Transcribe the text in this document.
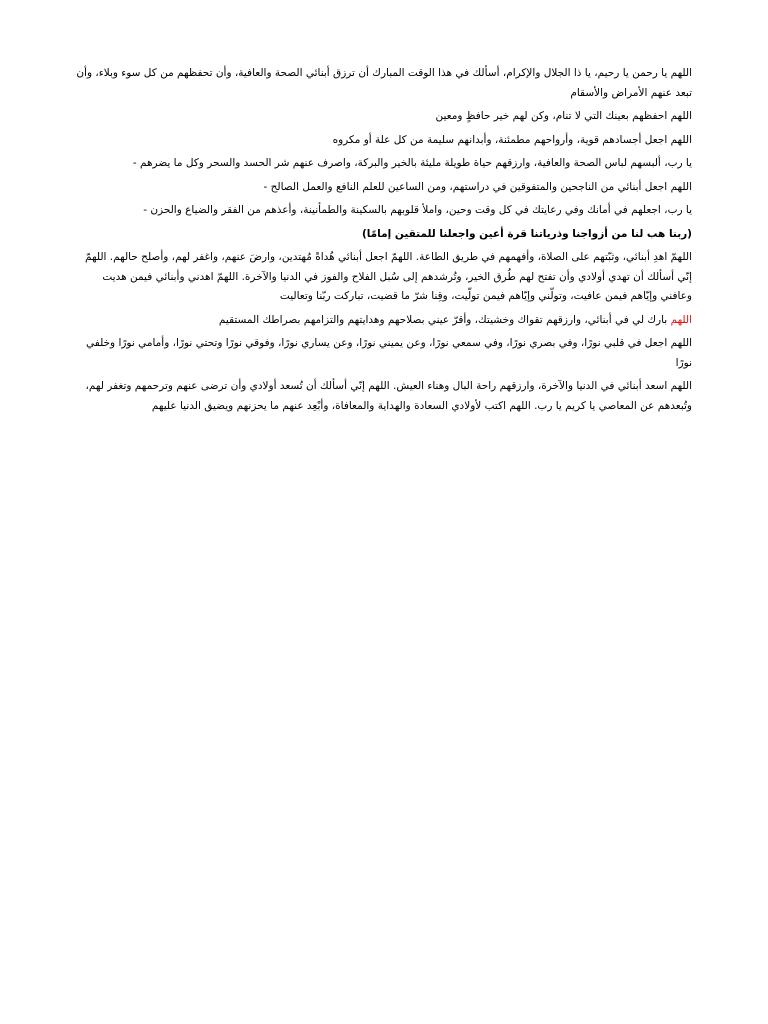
اللهم يا رحمن يا رحيم، يا ذا الجلال والإكرام، أسألك في هذا الوقت المبارك أن ترزق أبنائي الصحة والعافية، وأن تحفظهم من كل سوء وبلاء، وأن تبعد عنهم الأمراض والأسقام

اللهم احفظهم بعينك التي لا تنام، وكن لهم خير حافظٍ ومعين

اللهم اجعل أجسادهم قوية، وأرواحهم مطمئنة، وأبدانهم سليمة من كل علة أو مكروه

يا رب، ألبسهم لباس الصحة والعافية، وارزقهم حياة طويلة مليئة بالخير والبركة، واصرف عنهم شر الحسد والسحر وكل ما يضرهم -

اللهم اجعل أبنائي من الناجحين والمتفوقين في دراستهم، ومن الساعين للعلم النافع والعمل الصالح -

يا رب، اجعلهم في أمانك وفي رعايتك في كل وقت وحين، واملأ قلوبهم بالسكينة والطمأنينة، وأعذهم من الفقر والضياع والحزن -

(ربنا هب لنا من أزواجنا وذرياتنا قرة أعين واجعلنا للمتقين إمامًا)

اللهمّ اهدِ أبنائي، وثبّتهم على الصلاة، وأفهمهم في طريق الطاعة. اللهمّ اجعل أبنائي هُداةً مُهتدين، وارضَ عنهم، واغفر لهم، وأصلح حالهم. اللهمّ إنّي أسألك أن تهدي أولادي وأن تفتح لهم طُرق الخير، وتُرشدهم إلى سُبل الفلاح والفوز في الدنيا والآخرة. اللهمّ اهدني وأبنائي فيمن هديت وعافني وإيّاهم فيمن عافيت، وتولّني وإيّاهم فيمن تولّيت، وقِنا شرّ ما قضيت، تباركت ربّنا وتعاليت

اللهم بارك لي في أبنائي، وارزقهم تقواك وخشيتك، وأقرّ عيني بصلاحهم وهدايتهم والتزامهم بصراطك المستقيم

اللهم اجعل في قلبي نورًا، وفي بصري نورًا، وفي سمعي نورًا، وعن يميني نورًا، وعن يساري نورًا، وفوقي نورًا وتحتي نورًا، وأمامي نورًا وخلفي نورًا

اللهم اسعد أبنائي في الدنيا والآخرة، وارزقهم راحة البال وهناء العيش. اللهم إنّي أسألك أن تُسعد أولادي وأن ترضى عنهم وترحمهم وتغفر لهم، وتُبعدهم عن المعاصي يا كريم يا رب. اللهم اكتب لأولادي السعادة والهداية والمعافاة، وأبْعِد عنهم ما يحزنهم ويضيق الدنيا عليهم
